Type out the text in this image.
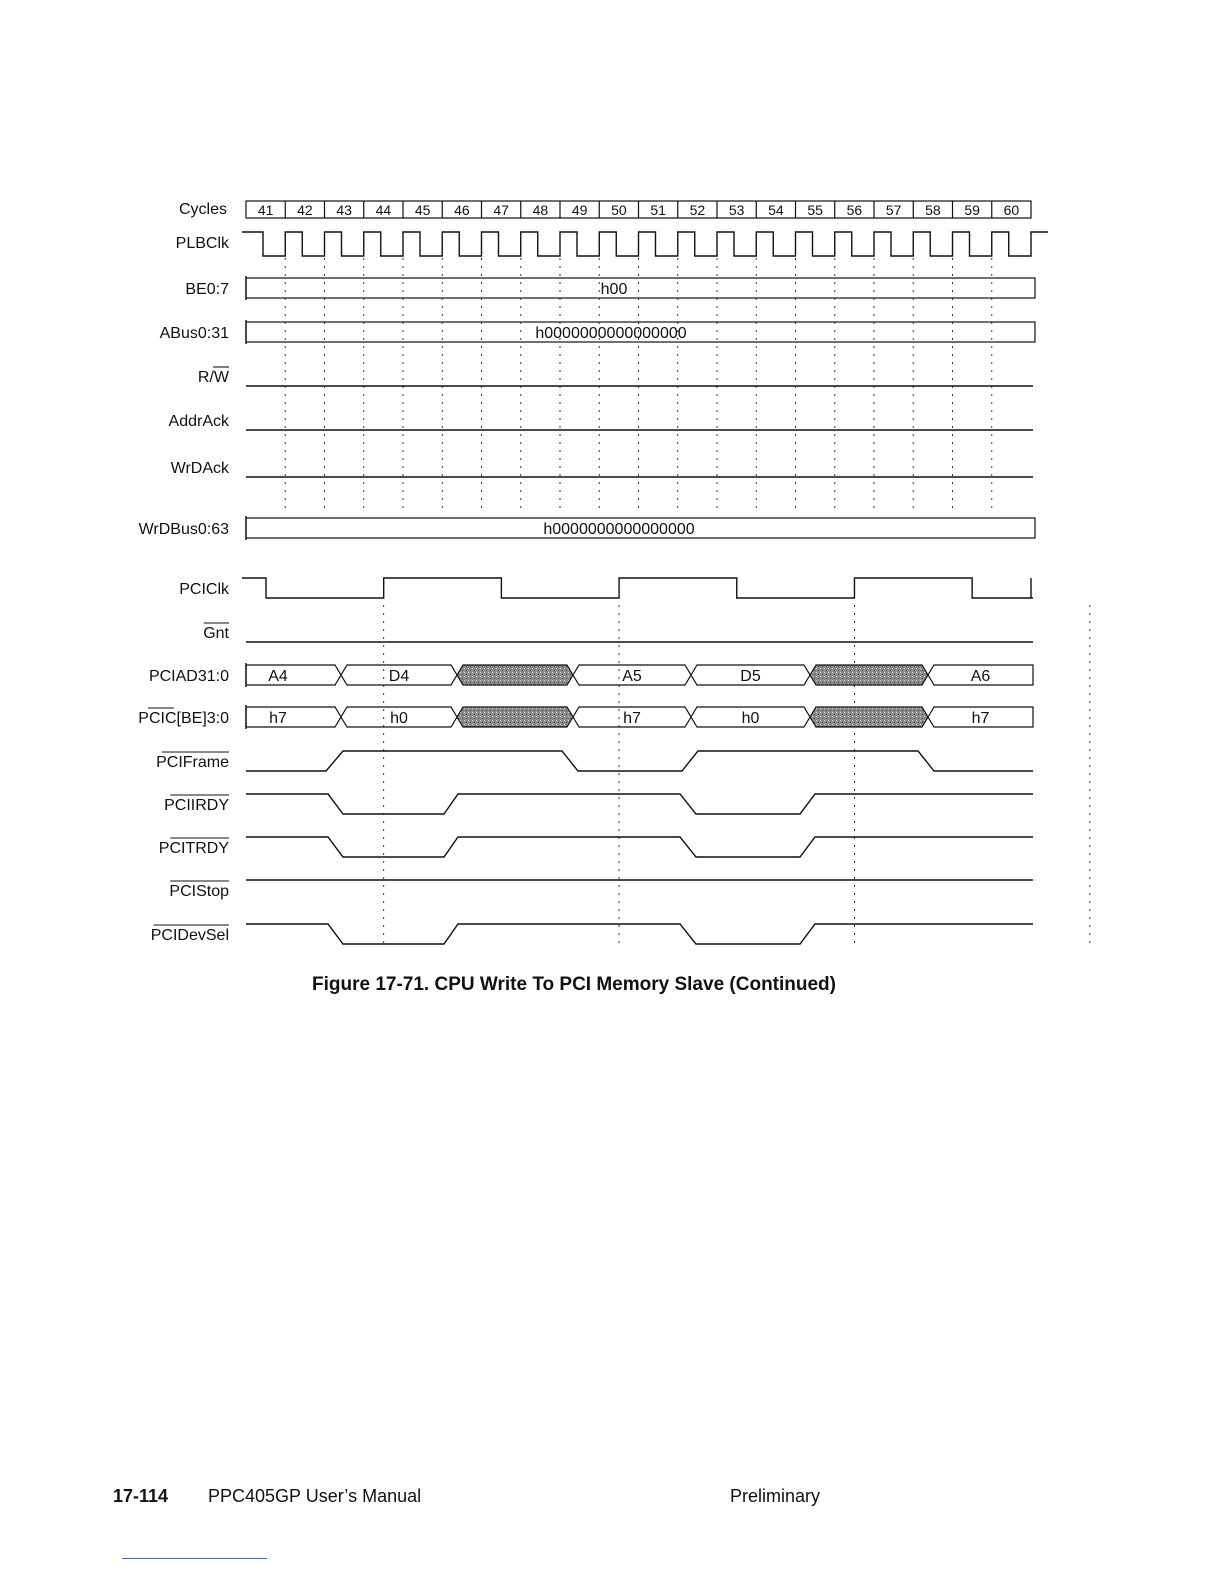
Cycles
PLBClk
BE0:7
ABus0:31
R/W
AddrAck
WrDAck
WrDBus0:63
PCIClk
Gnt
PCIAD31:0
PCIC[BE]3:0
PCIFrame
PCIIRDY
PCITRDY
PCIStop
PCIDevSel
41 42 43 44 45 46 47 48 49 50 51 52 53 54 55 56 57 58 59 60
h00
h0000000000000000
h0000000000000000
A4	D4	A5	D5	A6
h7	h0	h7	h0	h7
Figure 17-71. CPU Write To PCI Memory Slave (Continued)
17-114 PPC405GP User’s Manual	Preliminary
